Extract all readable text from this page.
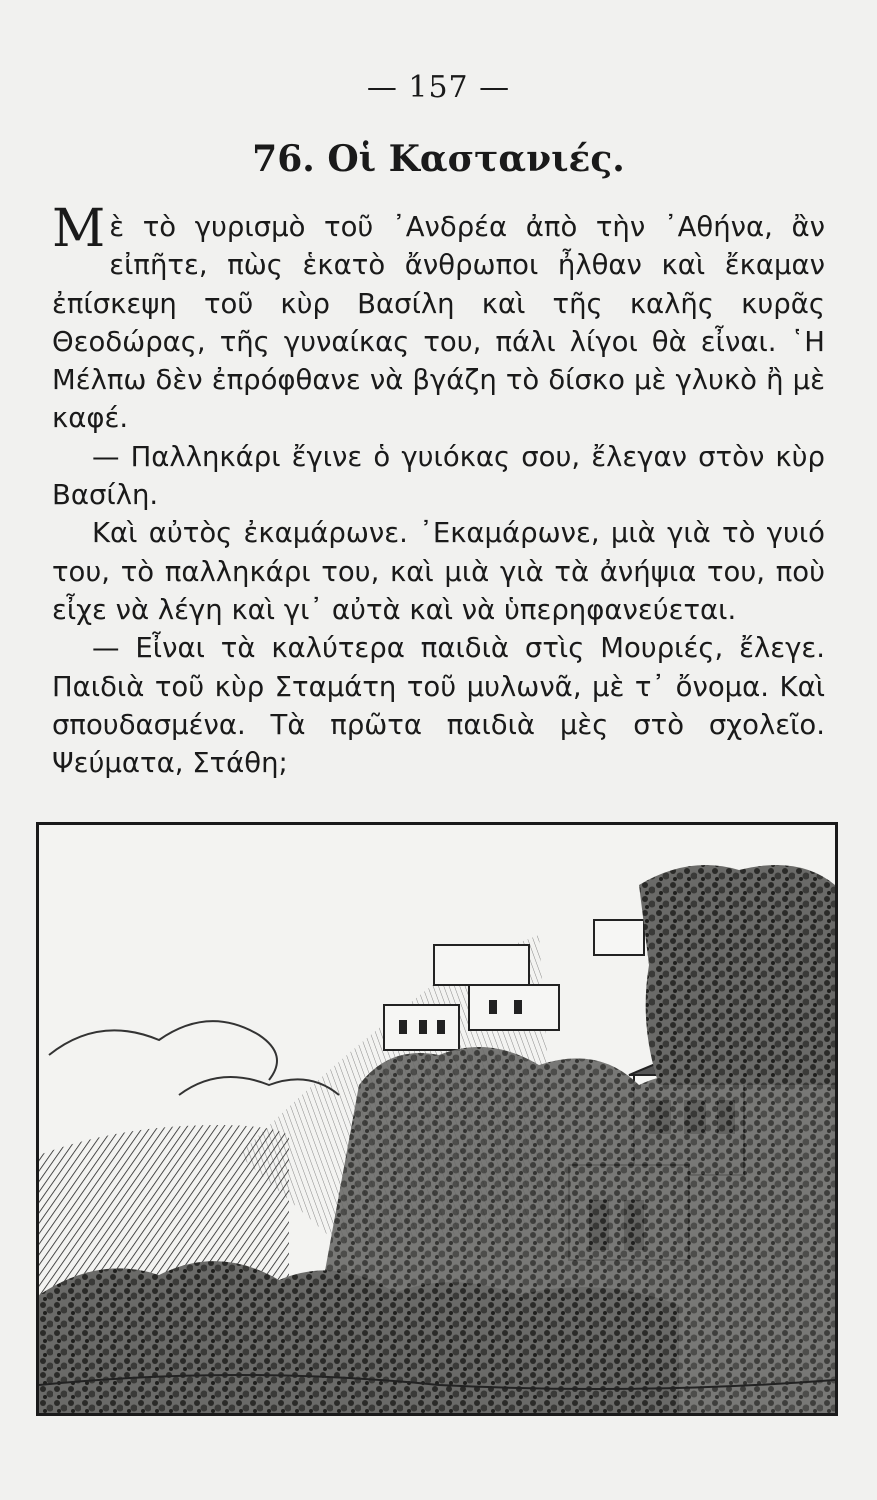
— 157 —
76. Οἱ Καστανιές.

Μὲ τὸ γυρισμὸ τοῦ ᾿Ανδρέα ἀπὸ τὴν ᾿Αθήνα, ἂν εἰπῆτε, πὼς ἑκατὸ ἄνθρωποι ἦλθαν καὶ ἔκαμαν ἐπίσκεψη τοῦ κὺρ Βασίλη καὶ τῆς καλῆς κυρᾶς Θεοδώρας, τῆς γυναίκας του, πάλι λίγοι θὰ εἶναι. ῾Η Μέλπω δὲν ἐπρόφθανε νὰ βγάζη τὸ δίσκο μὲ γλυκὸ ἢ μὲ καφέ.

— Παλληκάρι ἔγινε ὁ γυιόκας σου, ἔλεγαν στὸν κὺρ Βασίλη.

Καὶ αὐτὸς ἐκαμάρωνε. ᾿Εκαμάρωνε, μιὰ γιὰ τὸ γυιό του, τὸ παλληκάρι του, καὶ μιὰ γιὰ τὰ ἀνήψια του, ποὺ εἶχε νὰ λέγη καὶ γι᾿ αὐτὰ καὶ νὰ ὑπερηφανεύεται.

— Εἶναι τὰ καλύτερα παιδιὰ στὶς Μουριές, ἔλεγε. Παιδιὰ τοῦ κὺρ Σταμάτη τοῦ μυλωνᾶ, μὲ τ᾿ ὄνομα. Καὶ σπουδασμένα. Τὰ πρῶτα παιδιὰ μὲς στὸ σχολεῖο. Ψεύματα, Στάθη;
